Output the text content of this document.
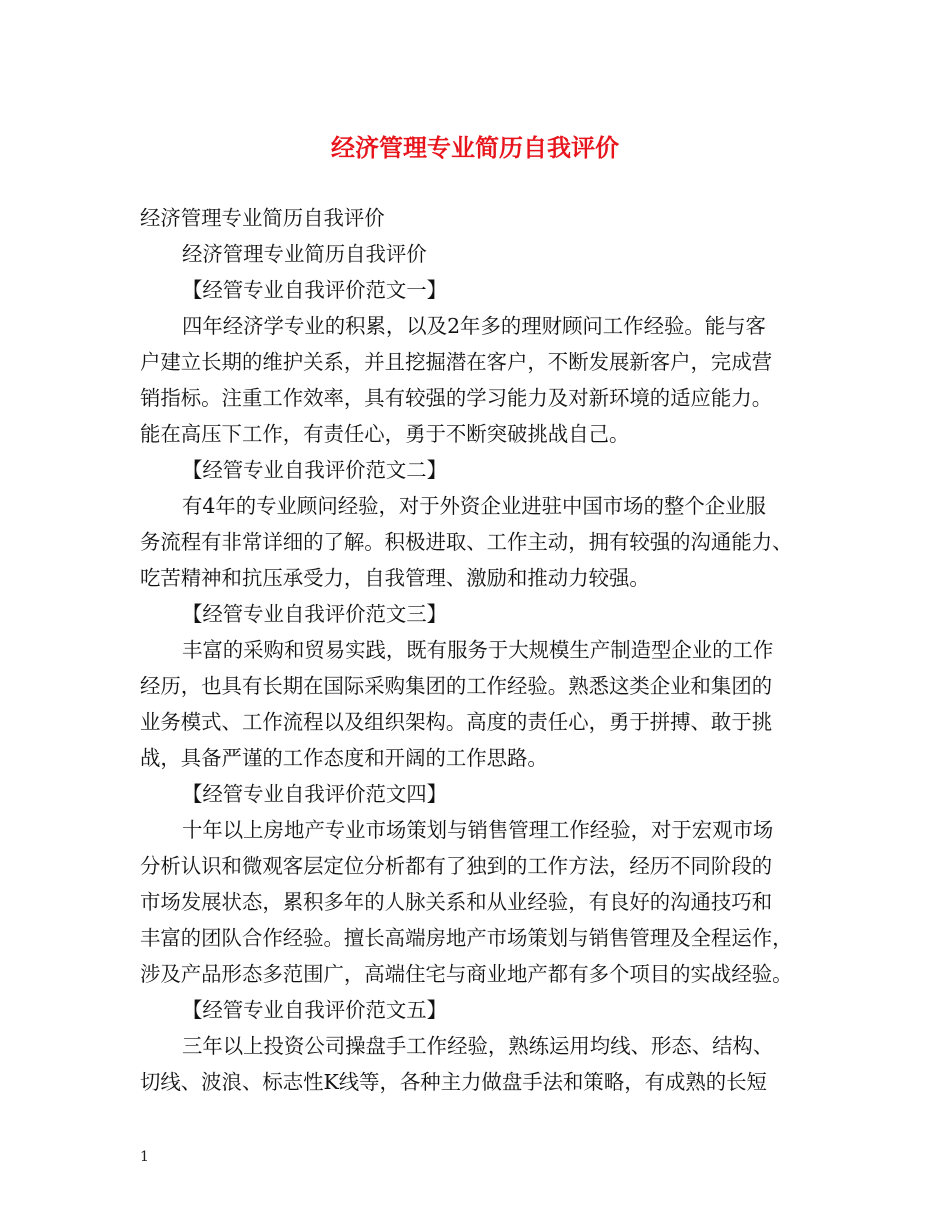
经济管理专业简历自我评价
经济管理专业简历自我评价
经济管理专业简历自我评价
【经管专业自我评价范文一】
四年经济学专业的积累，以及2年多的理财顾问工作经验。能与客
户建立长期的维护关系，并且挖掘潜在客户，不断发展新客户，完成营
销指标。注重工作效率，具有较强的学习能力及对新环境的适应能力。
能在高压下工作，有责任心，勇于不断突破挑战自己。
【经管专业自我评价范文二】
有4年的专业顾问经验，对于外资企业进驻中国市场的整个企业服
务流程有非常详细的了解。积极进取、工作主动，拥有较强的沟通能力、
吃苦精神和抗压承受力，自我管理、激励和推动力较强。
【经管专业自我评价范文三】
丰富的采购和贸易实践，既有服务于大规模生产制造型企业的工作
经历，也具有长期在国际采购集团的工作经验。熟悉这类企业和集团的
业务模式、工作流程以及组织架构。高度的责任心，勇于拼搏、敢于挑
战，具备严谨的工作态度和开阔的工作思路。
【经管专业自我评价范文四】
十年以上房地产专业市场策划与销售管理工作经验，对于宏观市场
分析认识和微观客层定位分析都有了独到的工作方法，经历不同阶段的
市场发展状态，累积多年的人脉关系和从业经验，有良好的沟通技巧和
丰富的团队合作经验。擅长高端房地产市场策划与销售管理及全程运作，
涉及产品形态多范围广，高端住宅与商业地产都有多个项目的实战经验。
【经管专业自我评价范文五】
三年以上投资公司操盘手工作经验，熟练运用均线、形态、结构、
切线、波浪、标志性K线等，各种主力做盘手法和策略，有成熟的长短
1
